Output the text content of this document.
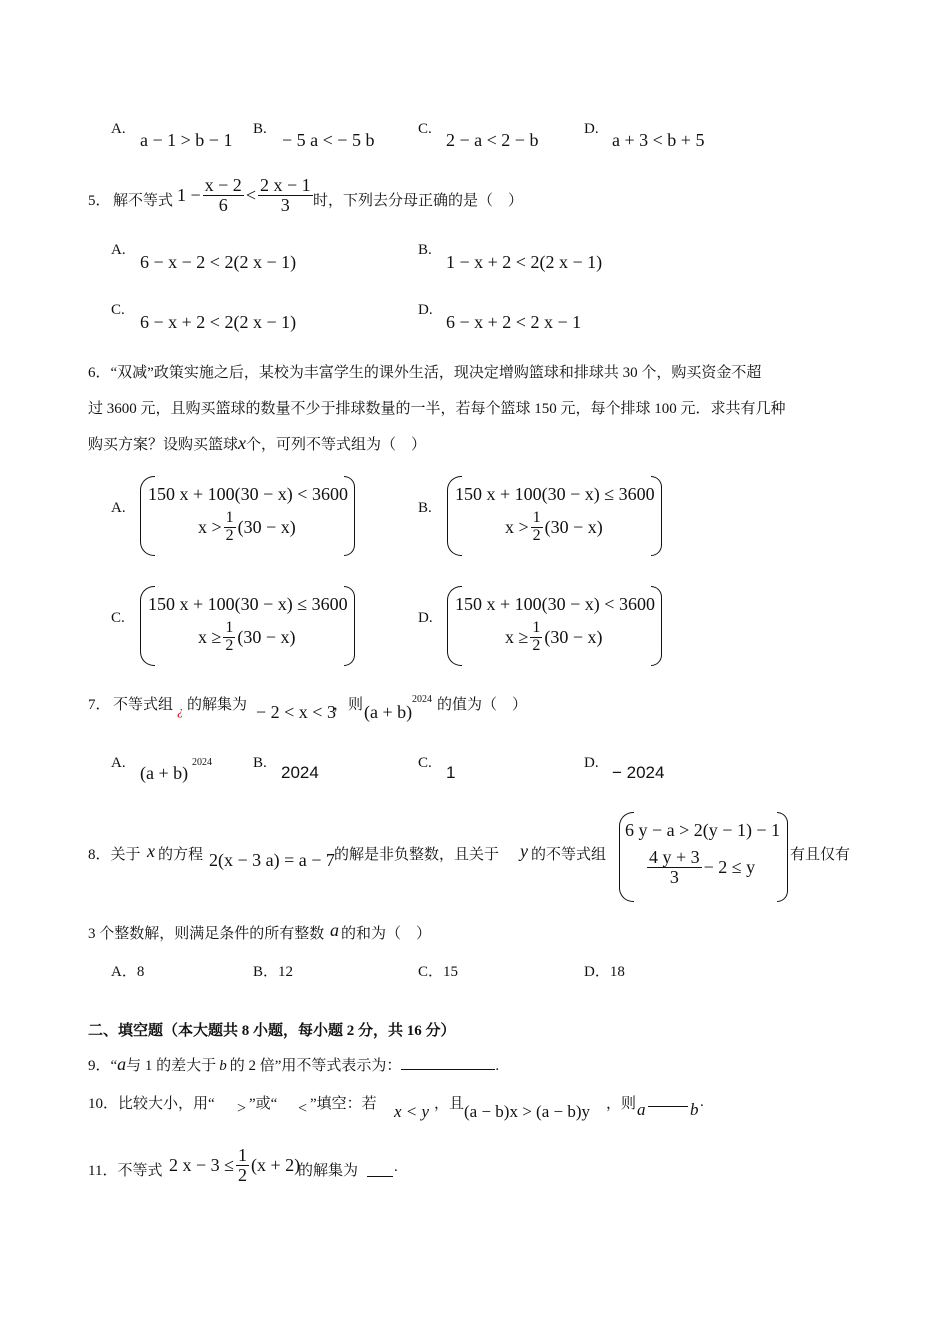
A.
a − 1 > b − 1
B.
− 5 a < − 5 b
C.
2 − a < 2 − b
D.
a + 3 < b + 5
5． 解不等式 $1 - \frac{x - 2}{6} < \frac{2 x - 1}{3}$ 时，下列去分母正确的是（　）
A.
6 − x − 2 < 2(2 x − 1)
B.
1 − x + 2 < 2(2 x − 1)
C.
6 − x + 2 < 2(2 x − 1)
D.
6 − x + 2 < 2 x − 1
6．“双减”政策实施之后，某校为丰富学生的课外生活，现决定增购篮球和排球共 30 个，购买资金不超
过 3600 元，且购买篮球的数量不少于排球数量的一半，若每个篮球 150 元，每个排球 100 元．求共有几种
购买方案？设购买篮球x个，可列不等式组为（　）
A.
150 x + 100(30 − x) < 3600
$x > \frac{1}{2} (30 - x)$
B.
150 x + 100(30 − x) ≤ 3600
$x > \frac{1}{2} (30 - x)$
C.
150 x + 100(30 − x) ≤ 3600
$x \ge \frac{1}{2} (30 - x)$
D.
150 x + 100(30 − x) < 3600
$x \ge \frac{1}{2} (30 - x)$
7． 不等式组 ¿ 的解集为 − 2 < x < 3
，则 (a + b)
2024 的值为（　）
A. (a + b)
2024	B. 2024	C. 1	D. − 2024
8．关于 x 的方程 2(x − 3 a) = a − 7 的解是非负整数，且关于 y 的不等式组
6 y − a > 2(y − 1) − 1
$\frac{4 y + 3}{3} - 2 \le y$
有且仅有
3 个整数解，则满足条件的所有整数 a 的和为（　）
A．8	B．12	C．15	D．18
二、填空题（本大题共 8 小题，每小题 2 分，共 16 分）
9．“ a 与 1 的差大于 b 的 2 倍”用不等式表示为：	.
10．比较大小，用“ > ”或“ < ”填空：若 x < y ，且 (a − b)x > (a − b)y ，则 a	b .
11．不等式 2 $x - 3 \le \frac{1}{2} (x + 2)$
的解集为 .
